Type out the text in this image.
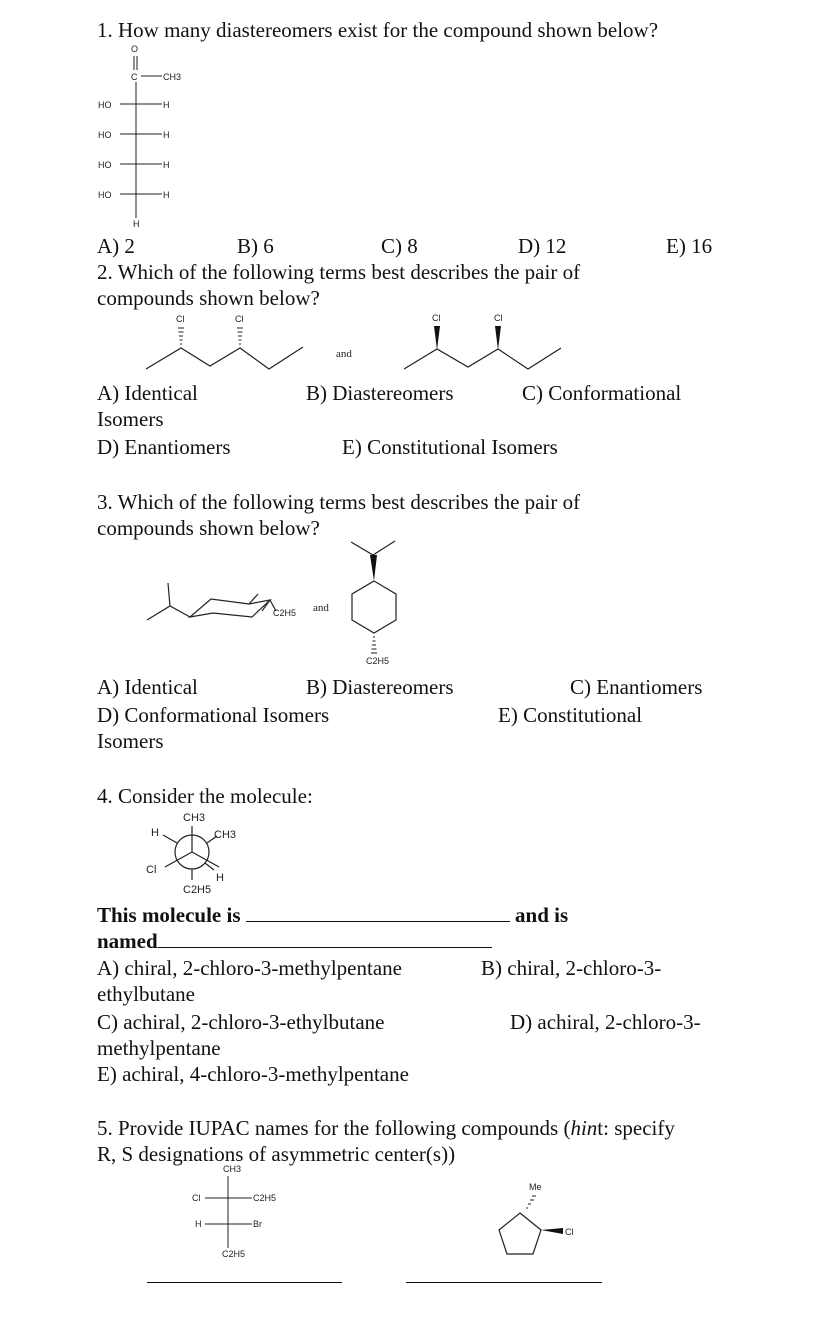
1. How many diastereomers exist for the compound shown below?
O
C	CH3
HO	H
HO	H
HO	H
HO	H
H
A) 2	B) 6	C) 8	D) 12	E) 16
2. Which of the following terms best describes the pair of
compounds shown below?
Cl	Cl
and
Cl	Cl
A) Identical	B) Diastereomers	C) Conformational
Isomers
D) Enantiomers	E) Constitutional Isomers
3. Which of the following terms best describes the pair of
compounds shown below?
C2H5 and
C2H5
A) Identical	B) Diastereomers	C) Enantiomers
D) Conformational Isomers	E) Constitutional
Isomers
4. Consider the molecule:
CH3
H	CH3
Cl
H
C2H5
This molecule is	and is
named
A) chiral, 2-chloro-3-methylpentane	B) chiral, 2-chloro-3-
ethylbutane
C) achiral, 2-chloro-3-ethylbutane	D) achiral, 2-chloro-3-
methylpentane
E) achiral, 4-chloro-3-methylpentane
5. Provide IUPAC names for the following compounds (hint: specify
R, S designations of asymmetric center(s))
CH3
Cl	C2H5
H	Br
C2H5
Me
Cl
